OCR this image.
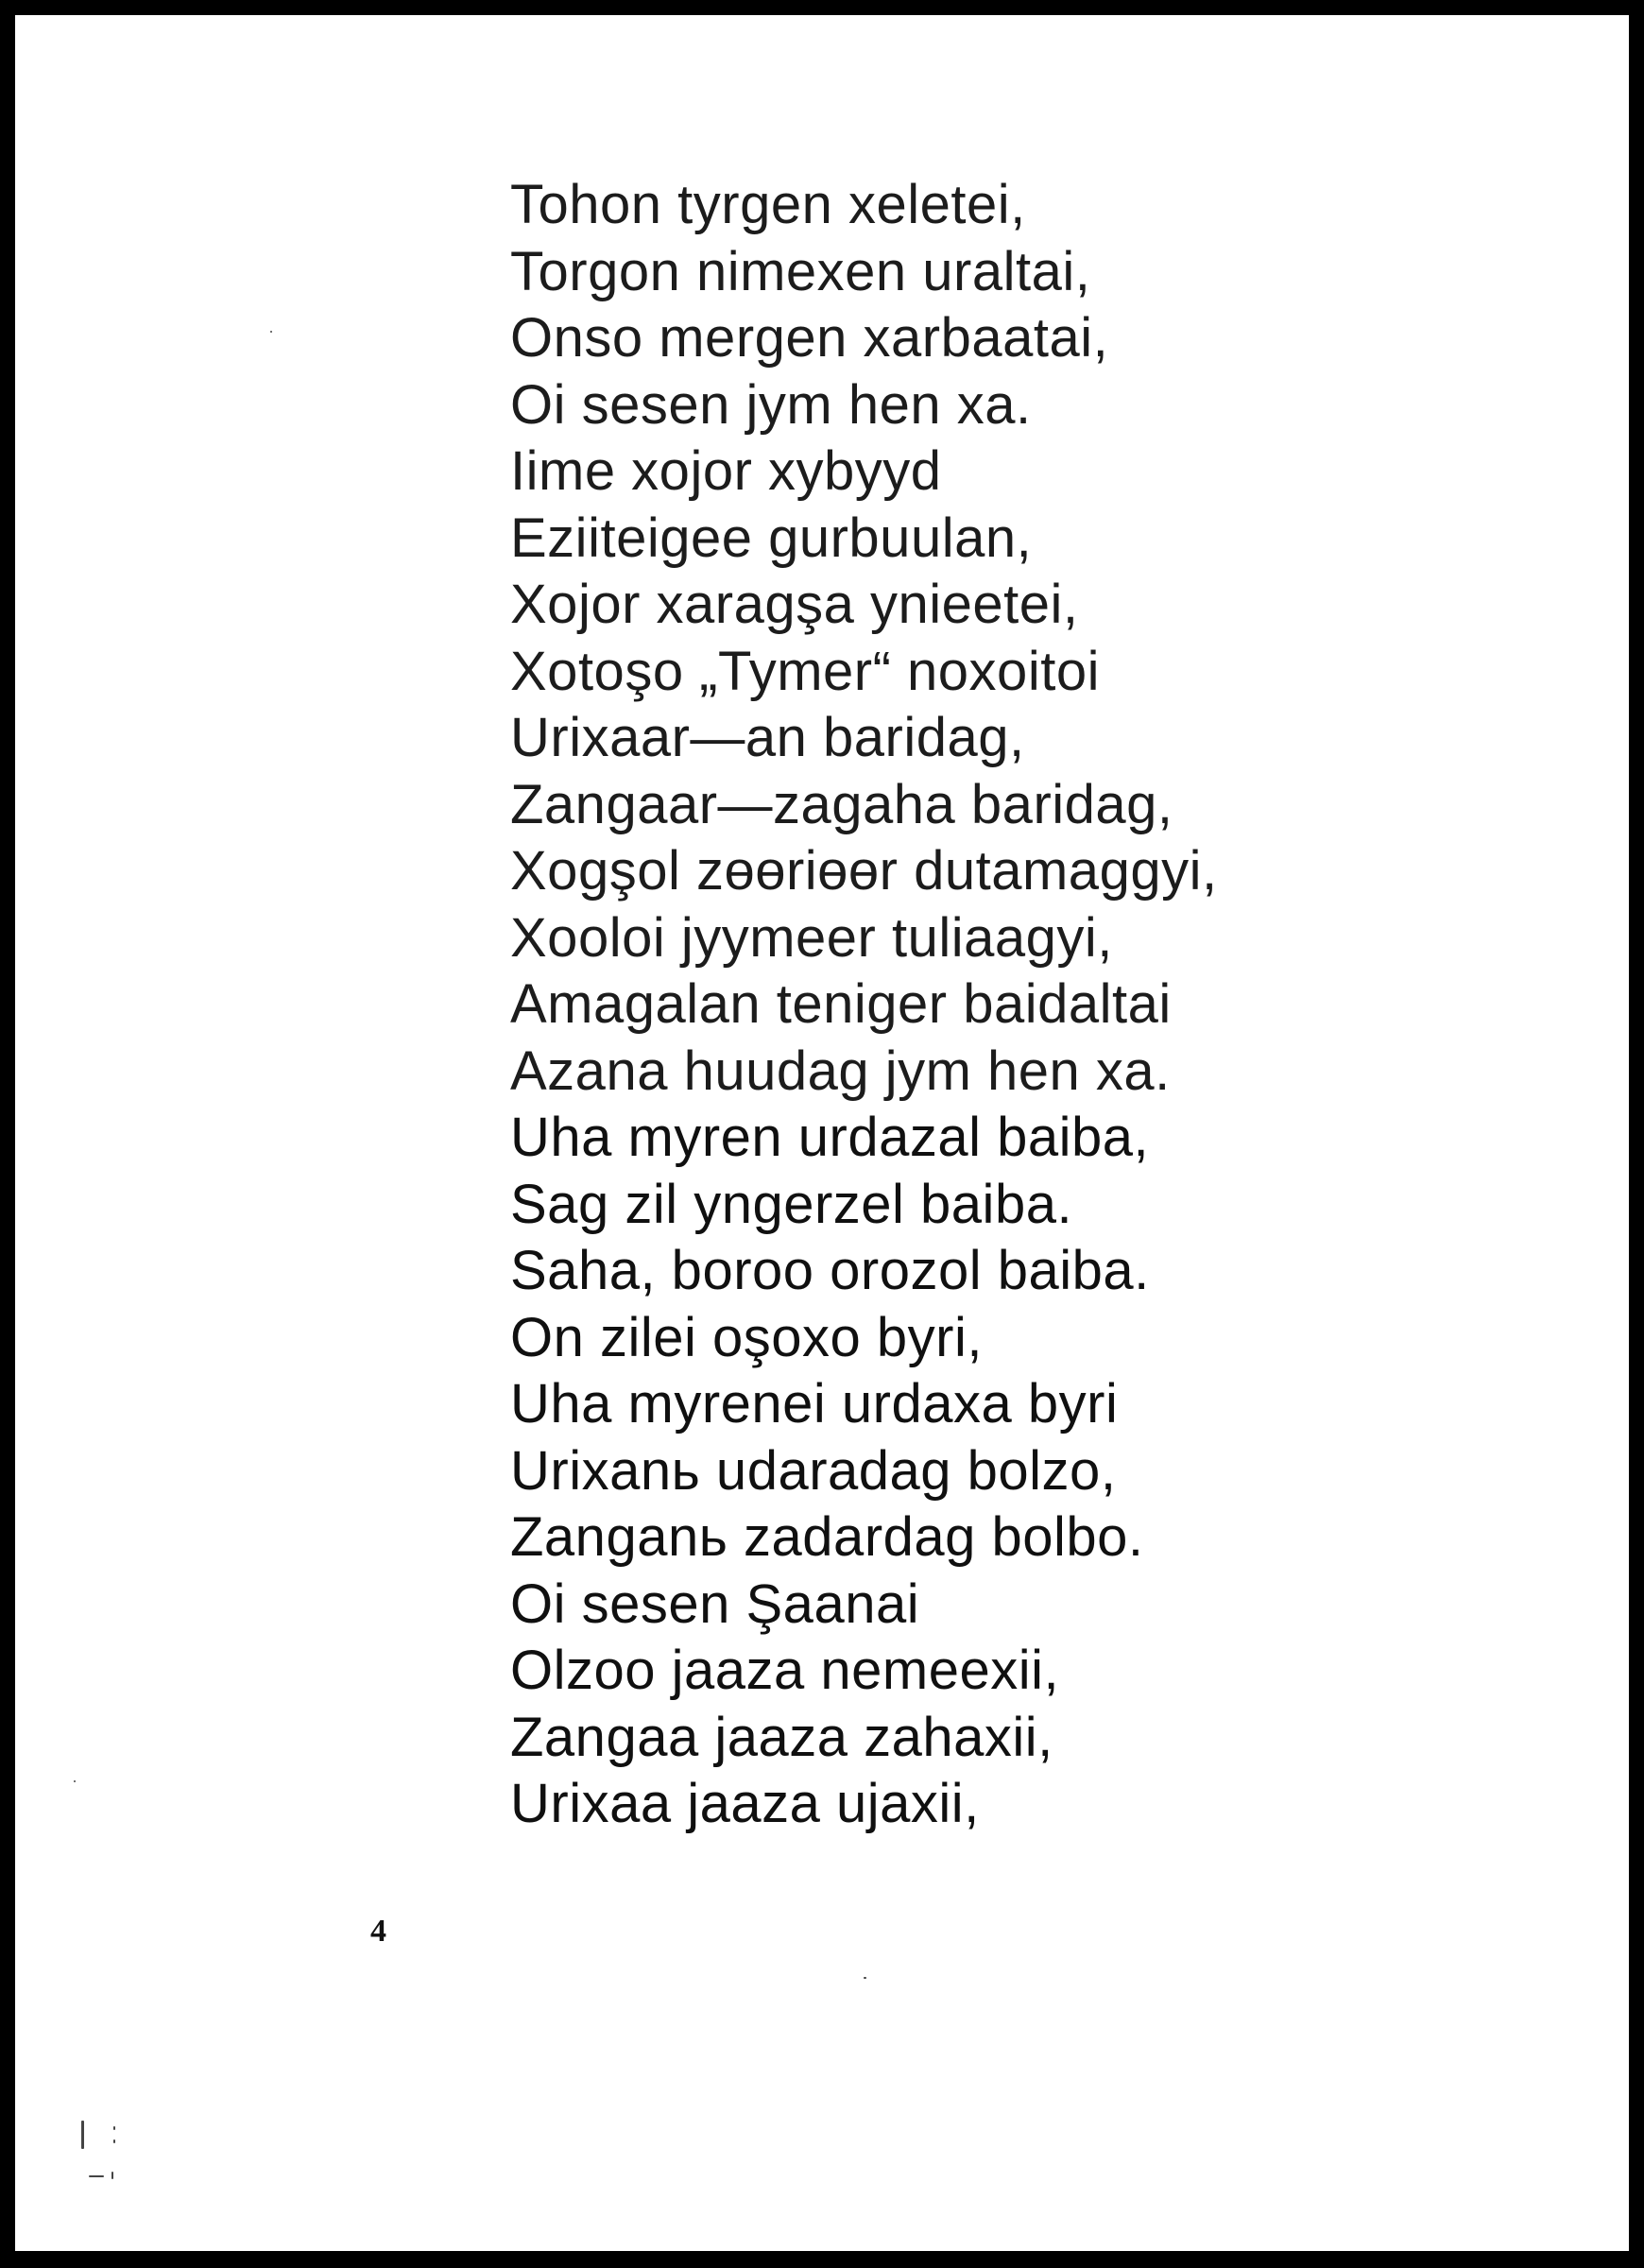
Tohon tyrgen xeletei,
Torgon nimexen uraltai,
Onso mergen xarbaatai,
Oi sesen jym hen xa.
Iime xojor xybyyd
Eziiteigee gurbuulan,
Xojor xaragşa ynieetei,
Xotoşo „Tymer“ noxoitoi
Urixaar—an baridag,
Zangaar—zagaha baridag,
Xogşol zөөriөөr dutamaggyi,
Xooloi jyymeer tuliaagyi,
Amagalan teniger baidaltai
Azana huudag jym hen xa.
Uha myren urdazal baiba,
Sag zil yngerzel baiba.
Saha, boroo orozol baiba.
On zilei oşoxo byri,
Uha myrenei urdaxa byri
Urixanь udaradag bolzo,
Zanganь zadardag bolbo.
Oi sesen Şaanai
Olzoo jaaza nemeexii,
Zangaa jaaza zahaxii,
Urixaa jaaza ujaxii,
4
